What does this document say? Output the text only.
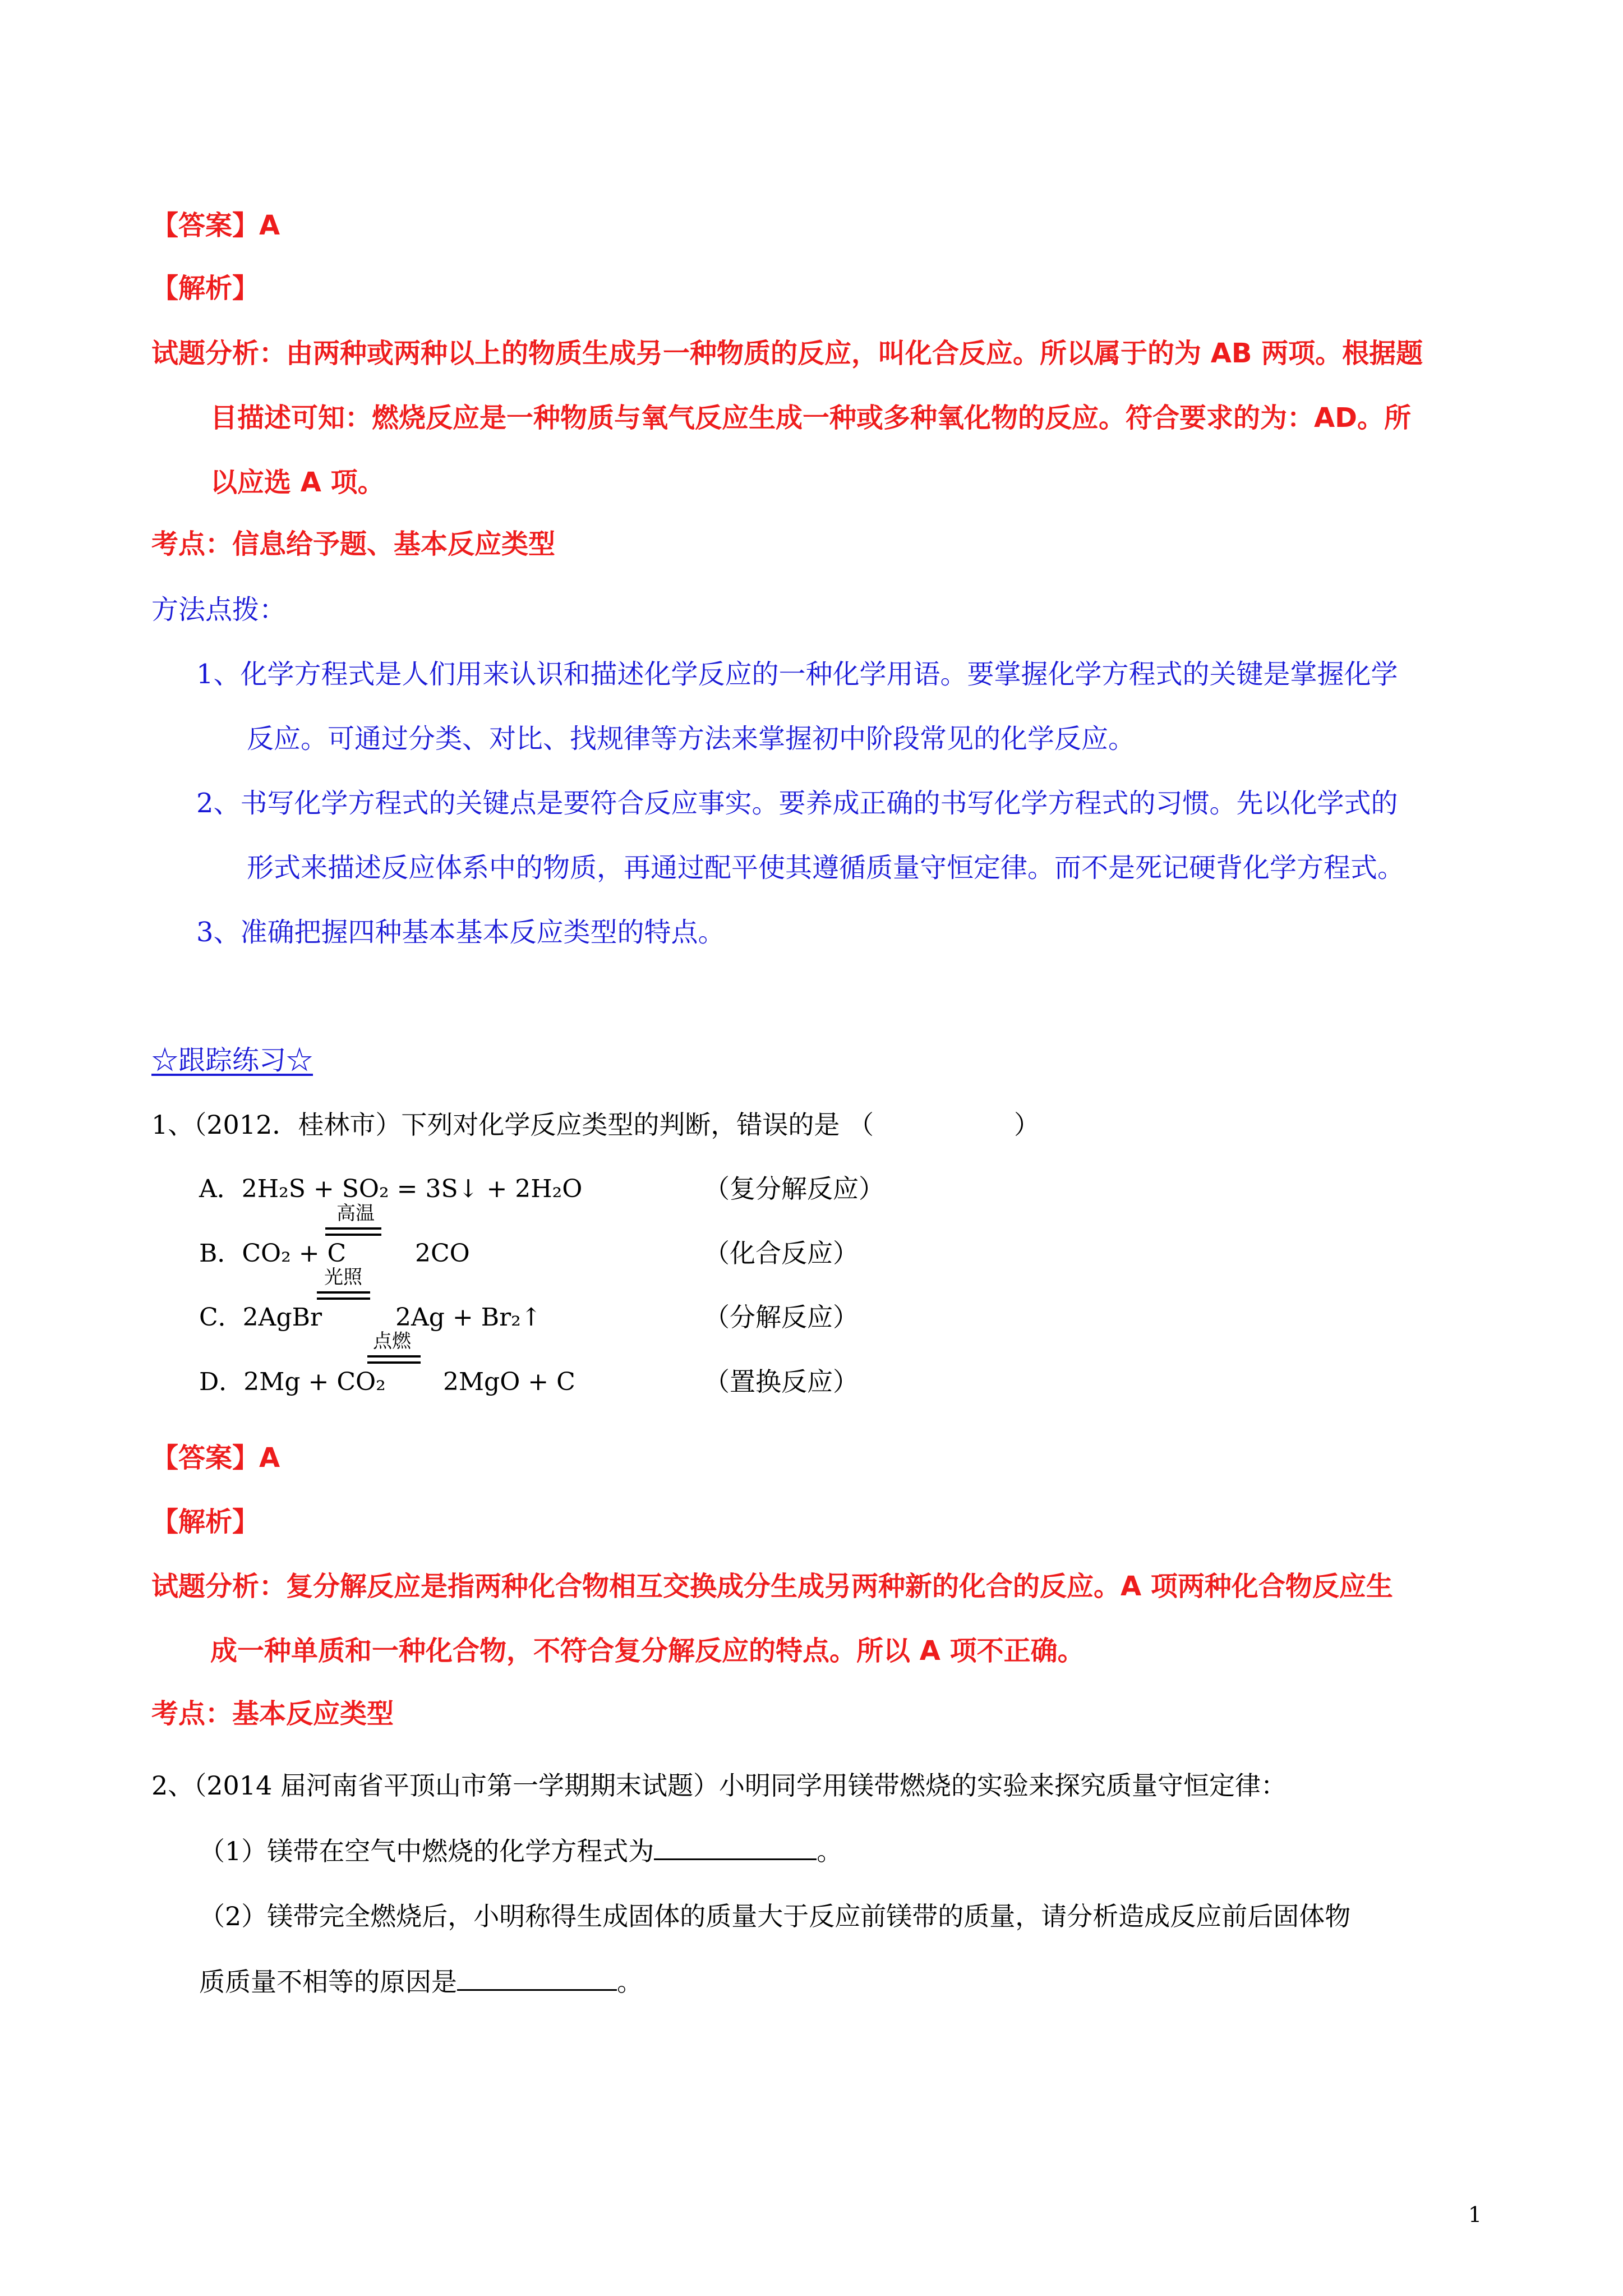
【答案】A
【解析】
试题分析：由两种或两种以上的物质生成另一种物质的反应，叫化合反应。所以属于的为 AB 两项。根据题
目描述可知：燃烧反应是一种物质与氧气反应生成一种或多种氧化物的反应。符合要求的为：AD。所
以应选 A 项。
考点：信息给予题、基本反应类型
方法点拨：
1、化学方程式是人们用来认识和描述化学反应的一种化学用语。要掌握化学方程式的关键是掌握化学
反应。可通过分类、对比、找规律等方法来掌握初中阶段常见的化学反应。
2、书写化学方程式的关键点是要符合反应事实。要养成正确的书写化学方程式的习惯。先以化学式的
形式来描述反应体系中的物质，再通过配平使其遵循质量守恒定律。而不是死记硬背化学方程式。
3、准确把握四种基本基本反应类型的特点。
☆跟踪练习☆
1、（2012．桂林市）下列对化学反应类型的判断，错误的是 （	）
A．2H₂S + SO₂ = 3S↓ + 2H₂O	（复分解反应）
B．CO₂ + C
高温
2CO	（化合反应）
C．2AgBr
光照
2Ag + Br₂↑	（分解反应）
D．2Mg + CO₂
点燃
2MgO + C	（置换反应）
【答案】A
【解析】
试题分析：复分解反应是指两种化合物相互交换成分生成另两种新的化合的反应。A 项两种化合物反应生
成一种单质和一种化合物，不符合复分解反应的特点。所以 A 项不正确。
考点：基本反应类型
2、（2014 届河南省平顶山市第一学期期末试题）小明同学用镁带燃烧的实验来探究质量守恒定律：
（1）镁带在空气中燃烧的化学方程式为	。
（2）镁带完全燃烧后，小明称得生成固体的质量大于反应前镁带的质量，请分析造成反应前后固体物
质质量不相等的原因是	。
1
